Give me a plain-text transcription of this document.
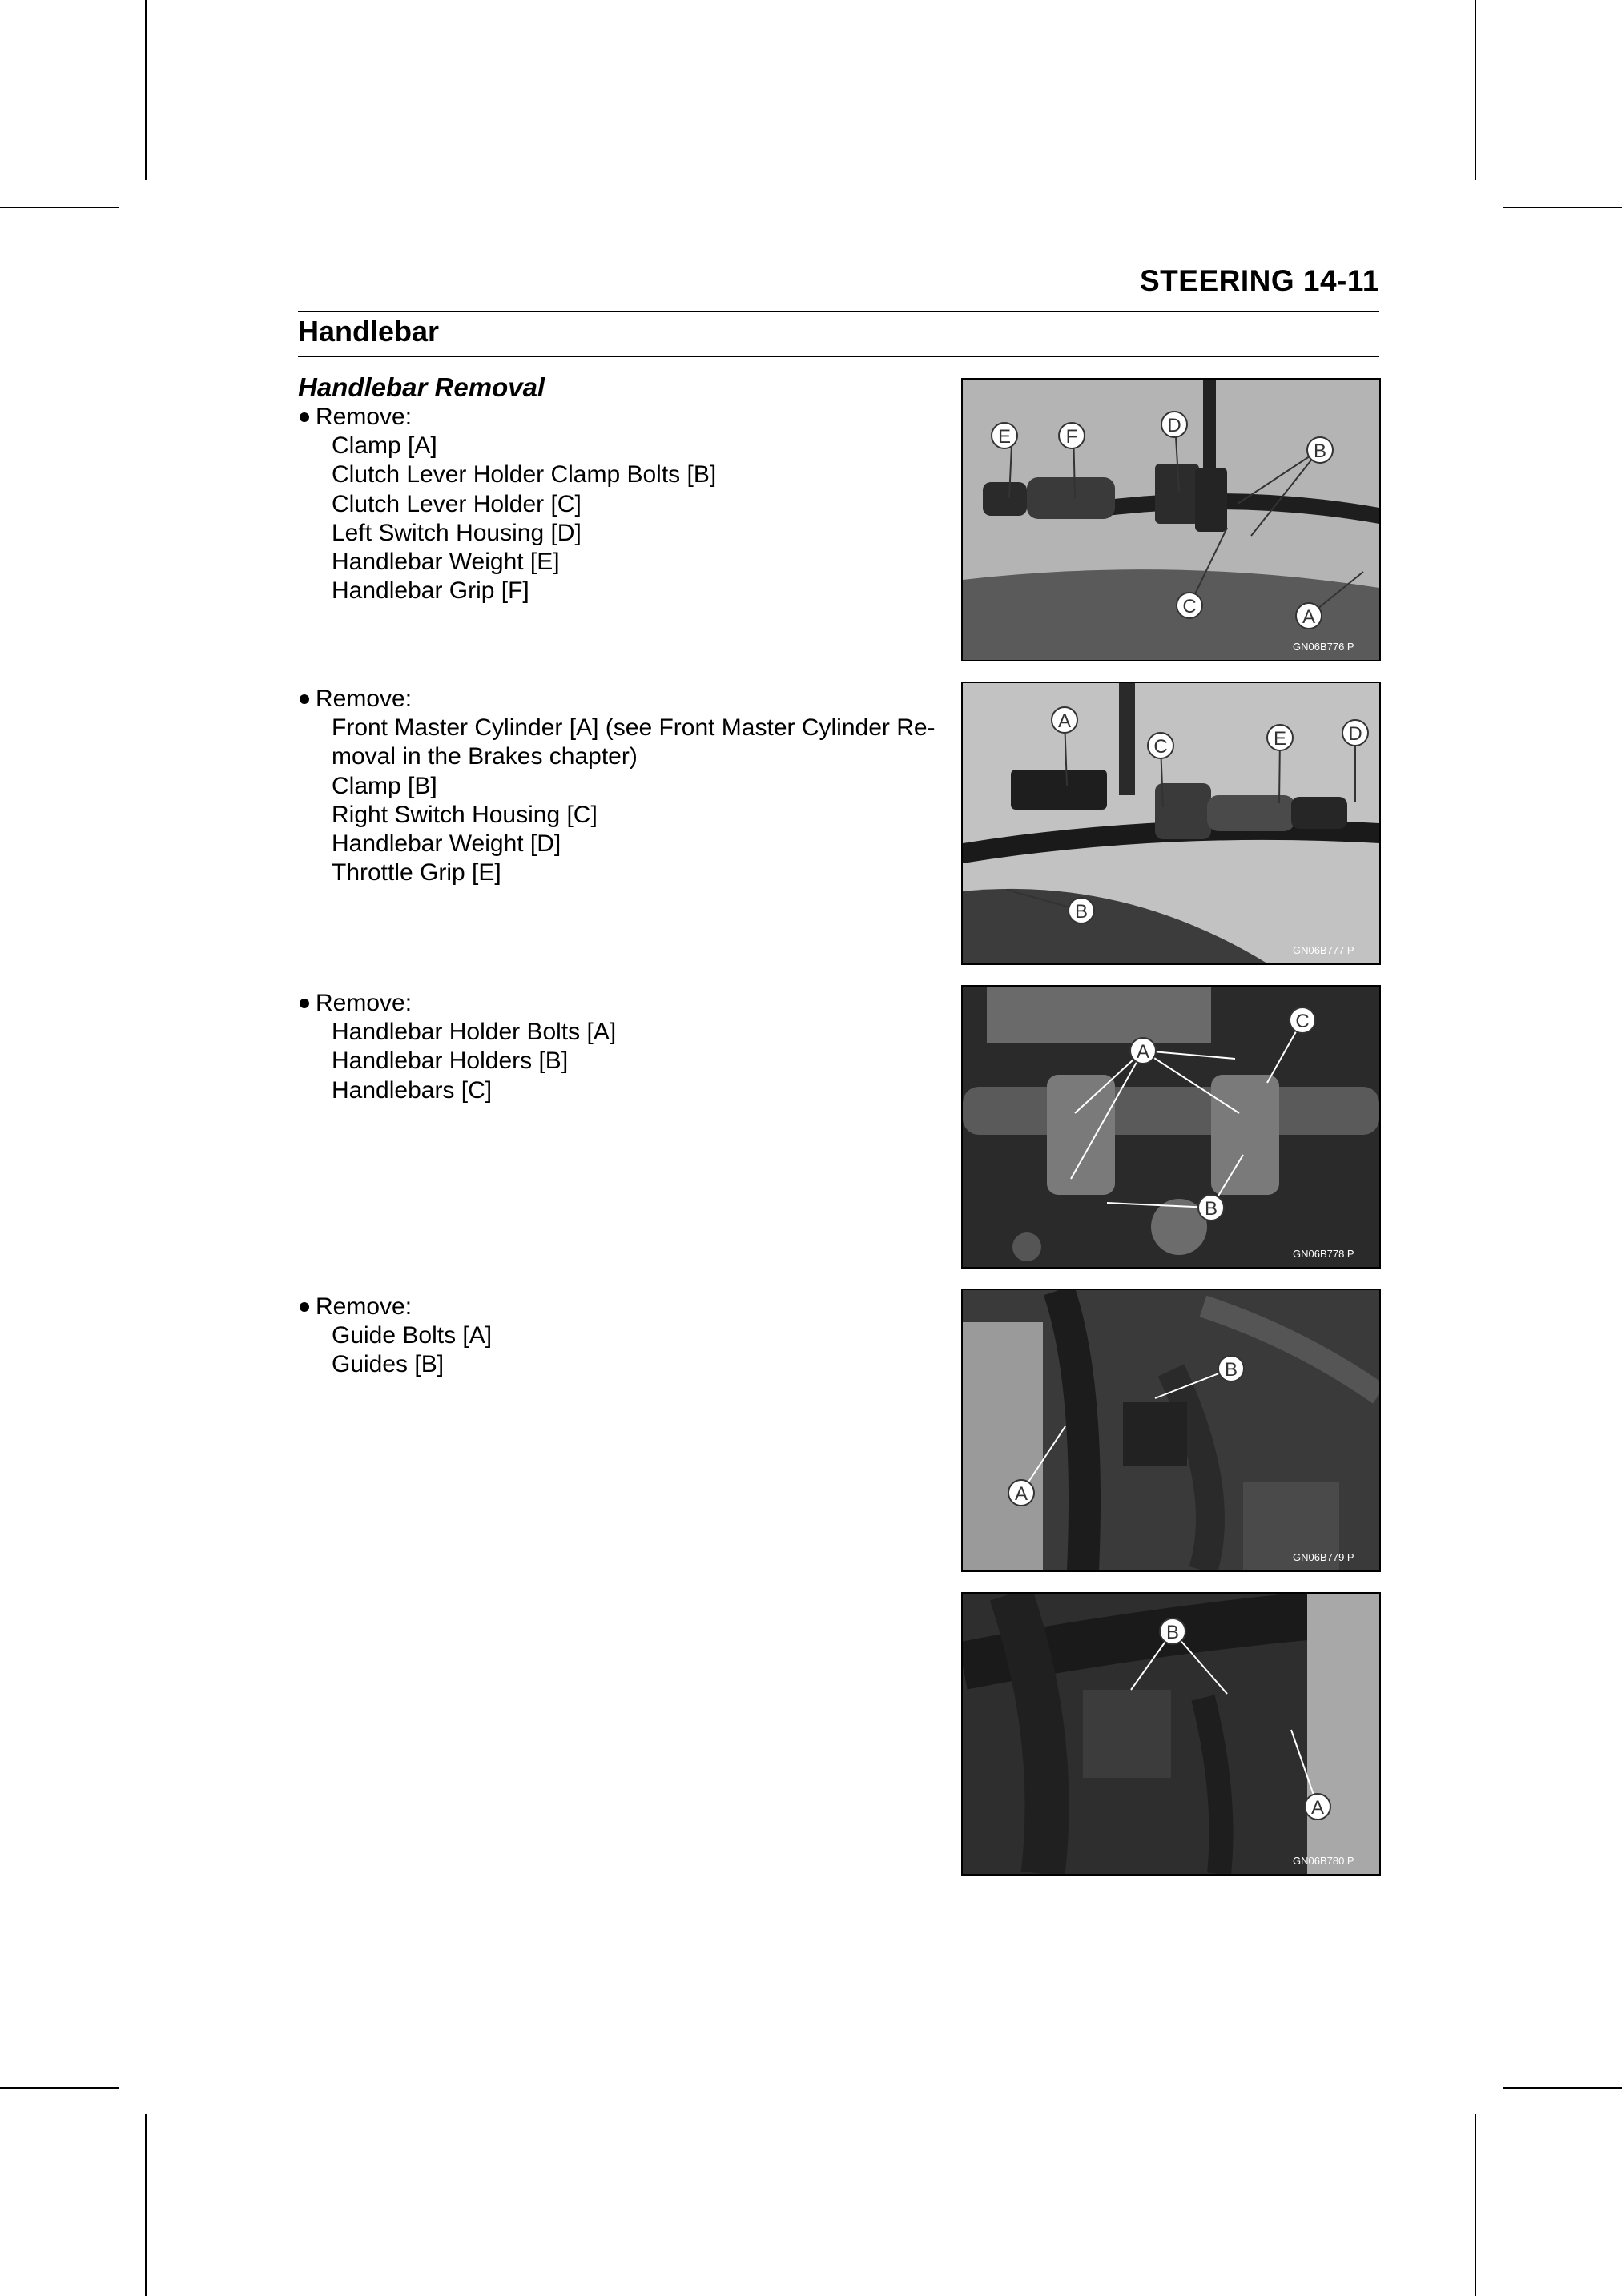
STEERING 14-11
Handlebar
Handlebar Removal
Remove:
Clamp [A]
Clutch Lever Holder Clamp Bolts [B]
Clutch Lever Holder [C]
Left Switch Housing [D]
Handlebar Weight [E]
Handlebar Grip [F]
Remove:
Front Master Cylinder [A] (see Front Master Cylinder Re-
moval in the Brakes chapter)
Clamp [B]
Right Switch Housing [C]
Handlebar Weight [D]
Throttle Grip [E]
Remove:
Handlebar Holder Bolts [A]
Handlebar Holders [B]
Handlebars [C]
Remove:
Guide Bolts [A]
Guides [B]
E	F
D
B
C	A
GN06B776 P
A
C	E	D
B
GN06B777 P
A
C
B
GN06B778 P
B
A
GN06B779 P
B
A
GN06B780 P
